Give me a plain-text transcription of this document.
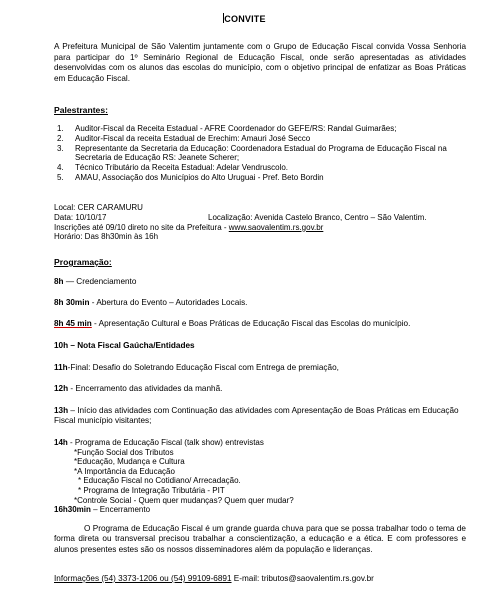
CONVITE
A Prefeitura Municipal de São Valentim juntamente com o Grupo de Educação Fiscal convida Vossa Senhoria para participar do 1º Seminário Regional de Educação Fiscal, onde serão apresentadas as atividades desenvolvidas com os alunos das escolas do município, com o objetivo principal de enfatizar as Boas Práticas em Educação Fiscal.
Palestrantes:
1.	Auditor-Fiscal da Receita Estadual - AFRE Coordenador do GEFE/RS: Randal Guimarães;
2.	Auditor-Fiscal da receita Estadual de Erechim: Amauri José Secco
3.	Representante da Secretaria da Educação: Coordenadora Estadual do Programa de Educação Fiscal na Secretaria de Educação RS: Jeanete Scherer;
4.	Técnico Tributário da Receita Estadual: Adelar Vendruscolo.
5.	AMAU, Associação dos Municípios do Alto Uruguai - Pref. Beto Bordin
Local: CER CARAMURU
Data: 10/10/17	Localização: Avenida Castelo Branco, Centro – São Valentim.
Inscrições até 09/10 direto no site da Prefeitura - www.saovalentim.rs.gov.br
Horário: Das 8h30min às 16h
Programação:
8h — Credenciamento
8h 30min - Abertura do Evento – Autoridades Locais.
8h 45 min - Apresentação Cultural e Boas Práticas de Educação Fiscal das Escolas do município.
10h – Nota Fiscal Gaúcha/Entidades
11h-Final: Desafio do Soletrando Educação Fiscal com Entrega de premiação,
12h - Encerramento das atividades da manhã.
13h – Início das atividades com Continuação das atividades com Apresentação de Boas Práticas em Educação Fiscal município visitantes;
14h - Programa de Educação Fiscal (talk show) entrevistas
*Função Social dos Tributos
*Educação, Mudança e Cultura
*A Importância da Educação
* Educação Fiscal no Cotidiano/ Arrecadação.
* Programa de Integração Tributária - PIT
*Controle Social - Quem quer mudanças? Quem quer mudar?
16h30min – Encerramento
O Programa de Educação Fiscal é um grande guarda chuva para que se possa trabalhar todo o tema de forma direta ou transversal precisou trabalhar a conscientização, a educação e a ética. E com professores e alunos presentes estes são os nossos disseminadores além da população e lideranças.
Informações (54) 3373-1206 ou (54) 99109-6891 E-mail: tributos@saovalentim.rs.gov.br
